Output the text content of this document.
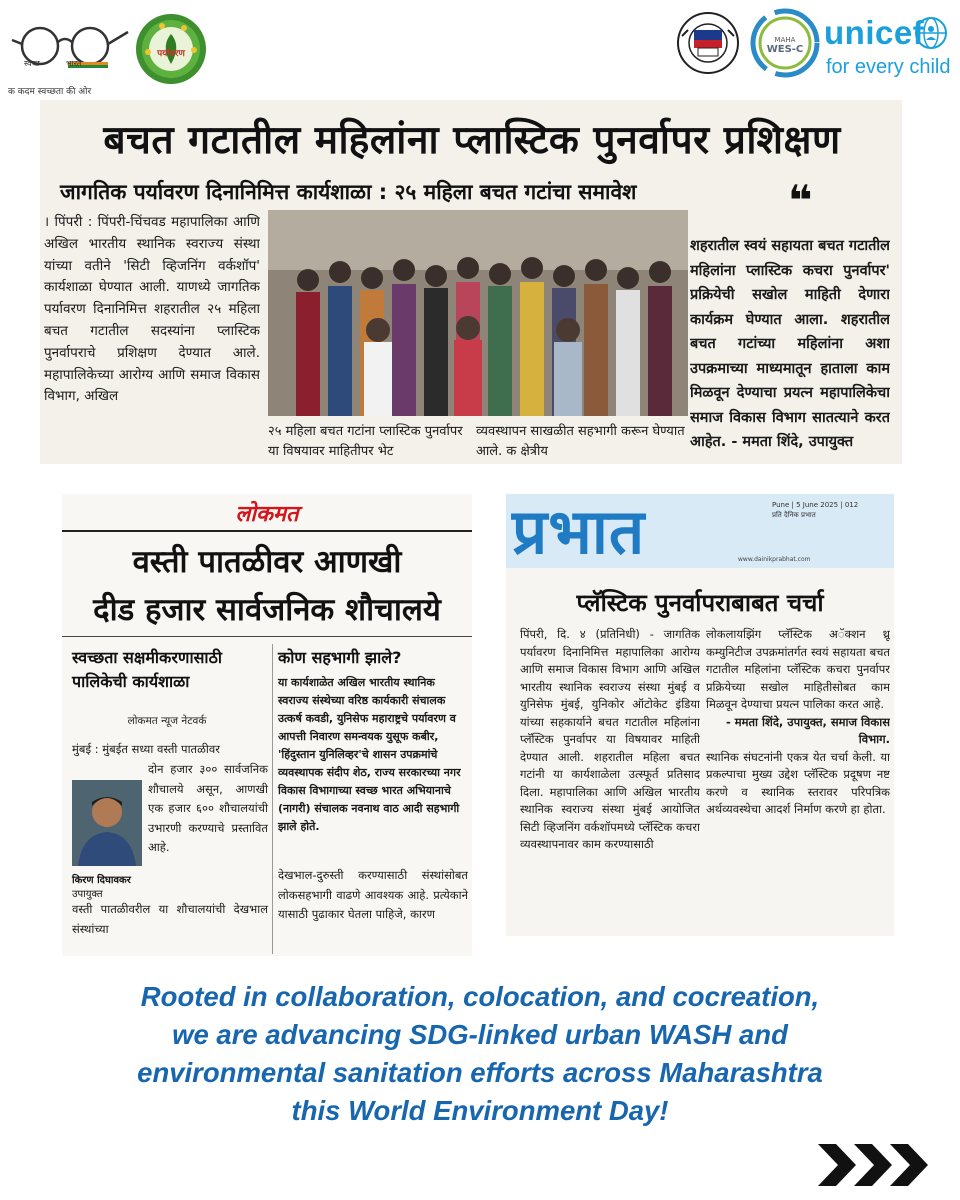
स्वच्छ	भारत
क कदम स्वच्छता की ओर
पर्यावरण
MAHA
WES-C unicef
for every child
बचत गटातील महिलांना प्लास्टिक पुनर्वापर प्रशिक्षण
जागतिक पर्यावरण दिनानिमित्त कार्यशाळा : २५ महिला बचत गटांचा समावेश	❝
। पिंपरी : पिंपरी-चिंचवड महापालिका आणि अखिल भारतीय स्थानिक स्वराज्य संस्था यांच्या वतीने 'सिटी व्हिजनिंग वर्कशॉप' कार्यशाळा घेण्यात आली. याणध्ये जागतिक पर्यावरण दिनानिमित्त शहरातील २५ महिला बचत गटातील सदस्यांना प्लास्टिक पुनर्वापराचे प्रशिक्षण देण्यात आले. महापालिकेच्या आरोग्य आणि समाज विकास विभाग, अखिल
२५ महिला बचत गटांना प्लास्टिक पुनर्वापर या विषयावर माहितीपर भेट
व्यवस्थापन साखळीत सहभागी करून घेण्यात आले. क क्षेत्रीय
शहरातील स्वयं सहायता बचत गटातील महिलांना प्लास्टिक कचरा पुनर्वापर' प्रक्रियेची सखोल माहिती देणारा कार्यक्रम घेण्यात आला. शहरातील बचत गटांच्या महिलांना अशा उपक्रमाच्या माध्यमातून हाताला काम मिळवून देण्याचा प्रयत्न महापालिकेचा समाज विकास विभाग सातत्याने करत आहेत. - ममता शिंदे, उपायुक्त
लोकमत
वस्ती पातळीवर आणखी
दीड हजार सार्वजनिक शौचालये
स्वच्छता सक्षमीकरणासाठी
पालिकेची कार्यशाळा
लोकमत न्यूज नेटवर्क
मुंबई : मुंबईत सध्या वस्ती पातळीवर
किरण दिघावकर
उपायुक्त
दोन हजार ३०० सार्वजनिक शौचालये असून, आणखी एक हजार ६०० शौचालयांची उभारणी करण्याचे प्रस्तावित आहे.
वस्ती पातळीवरील या शौचालयांची देखभाल संस्थांच्या
कोण सहभागी झाले?
या कार्यशाळेत अखिल भारतीय स्थानिक स्वराज्य संस्थेच्या वरिष्ठ कार्यकारी संचालक उत्कर्ष कवडी, युनिसेफ महाराष्ट्रचे पर्यावरण व आपत्ती निवारण समन्वयक युसूफ कबीर, 'हिंदुस्तान युनिलिव्हर'चे शासन उपक्रमांचे व्यवस्थापक संदीप शेठ, राज्य सरकारच्या नगर विकास विभागाच्या स्वच्छ भारत अभियानाचे (नागरी) संचालक नवनाथ वाठ आदी सहभागी झाले होते.
देखभाल-दुरुस्ती करण्यासाठी संस्थांसोबत लोकसहभागी वाढणे आवश्यक आहे. प्रत्येकाने यासाठी पुढाकार घेतला पाहिजे, कारण
प्रभात	Pune | 5 June 2025 | 012
प्रति दैनिक प्रभात
www.dainikprabhat.com
प्लॅस्टिक पुनर्वापराबाबत चर्चा
पिंपरी, दि. ४ (प्रतिनिधी) - जागतिक पर्यावरण दिनानिमित्त महापालिका आरोग्य आणि समाज विकास विभाग आणि अखिल भारतीय स्थानिक स्वराज्य संस्था मुंबई व युनिसेफ मुंबई, युनिकोर ऑटोकेट इंडिया यांच्या सहकार्याने बचत गटातील महिलांना प्लॅस्टिक पुनर्वापर या विषयावर माहिती देण्यात आली. शहरातील महिला बचत गटांनी या कार्यशाळेला उत्स्फूर्त प्रतिसाद दिला. महापालिका आणि अखिल भारतीय स्थानिक स्वराज्य संस्था मुंबई आयोजित सिटी व्हिजनिंग वर्कशॉपमध्ये प्लॅस्टिक कचरा व्यवस्थापनावर काम करण्यासाठी
लोकलायझिंग प्लॅस्टिक अॅक्शन थ्रू कम्युनिटीज उपक्रमांतर्गत स्वयं सहायता बचत गटातील महिलांना प्लॅस्टिक कचरा पुनर्वापर प्रक्रियेच्या सखोल माहितीसोबत काम मिळवून देण्याचा प्रयत्न पालिका करत आहे.
- ममता शिंदे, उपायुक्त, समाज विकास विभाग.
स्थानिक संघटनांनी एकत्र येत चर्चा केली. या प्रकल्पाचा मुख्य उद्देश प्लॅस्टिक प्रदूषण नष्ट करणे व स्थानिक स्तरावर परिपत्रिक अर्थव्यवस्थेचा आदर्श निर्माण करणे हा होता.
Rooted in collaboration, colocation, and cocreation,
we are advancing SDG-linked urban WASH and
environmental sanitation efforts across Maharashtra
this World Environment Day!
